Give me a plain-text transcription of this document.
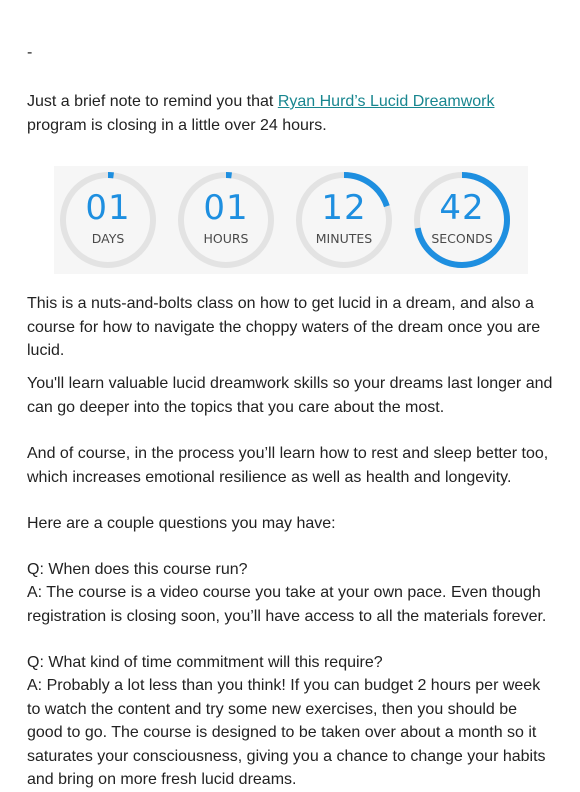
-

Just a brief note to remind you that Ryan Hurd’s Lucid Dreamwork program is closing in a little over 24 hours.

01
DAYS
01
HOURS
12
MINUTES
42
SECONDS

This is a nuts-and-bolts class on how to get lucid in a dream, and also a course for how to navigate the choppy waters of the dream once you are lucid.

You'll learn valuable lucid dreamwork skills so your dreams last longer and can go deeper into the topics that you care about the most.

And of course, in the process you’ll learn how to rest and sleep better too, which increases emotional resilience as well as health and longevity.

Here are a couple questions you may have:

Q: When does this course run?

A: The course is a video course you take at your own pace. Even though registration is closing soon, you’ll have access to all the materials forever.

Q: What kind of time commitment will this require?

A: Probably a lot less than you think! If you can budget 2 hours per week to watch the content and try some new exercises, then you should be good to go. The course is designed to be taken over about a month so it saturates your consciousness, giving you a chance to change your habits and bring on more fresh lucid dreams.
